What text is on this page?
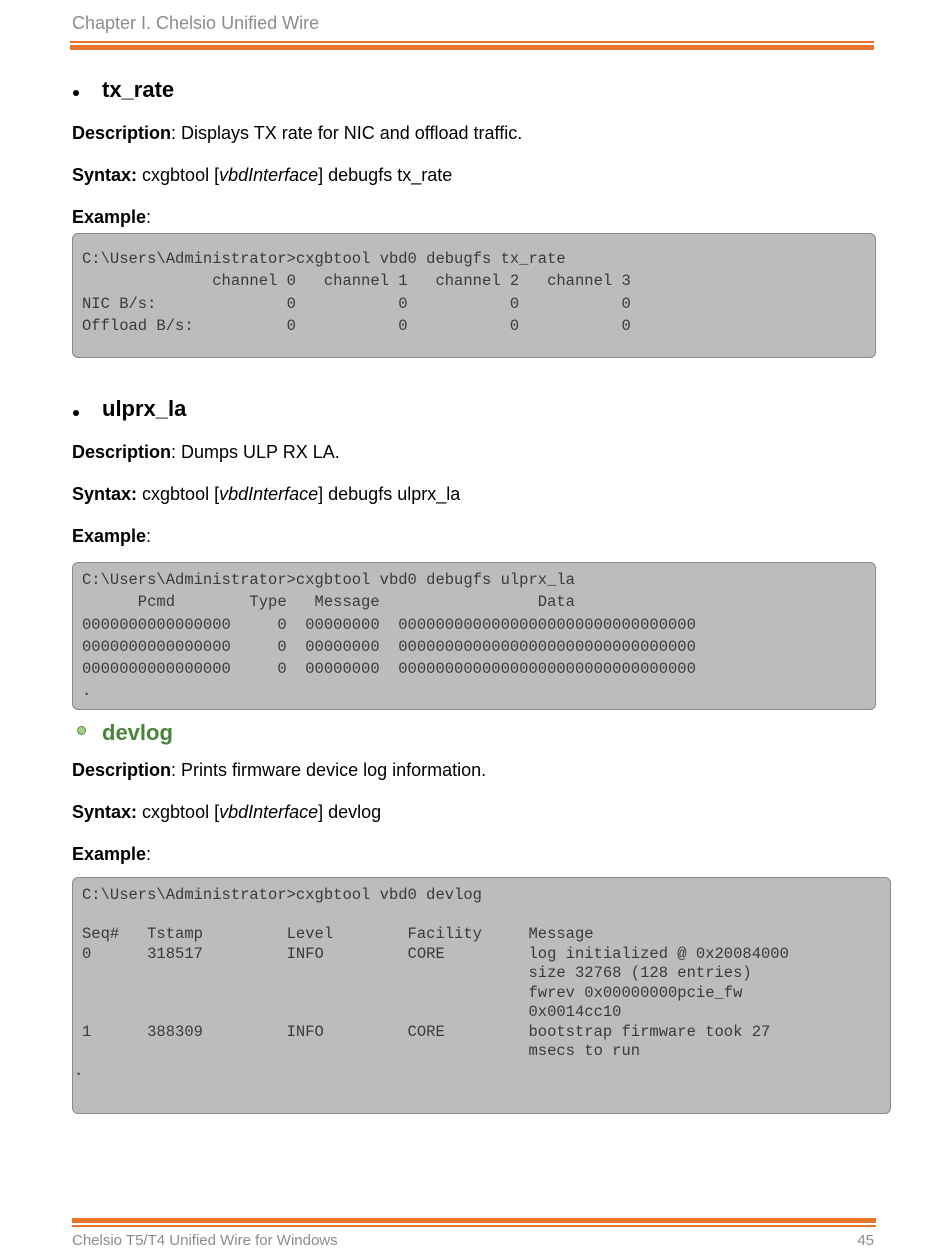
Chapter I. Chelsio Unified Wire
tx_rate
Description: Displays TX rate for NIC and offload traffic.
Syntax: cxgbtool [vbdInterface] debugfs tx_rate
Example:
C:\Users\Administrator>cxgbtool vbd0 debugfs tx_rate
channel 0   channel 1   channel 2   channel 3
NIC B/s:              0           0           0           0
Offload B/s:          0           0           0           0
ulprx_la
Description: Dumps ULP RX LA.
Syntax: cxgbtool [vbdInterface] debugfs ulprx_la
Example:
C:\Users\Administrator>cxgbtool vbd0 debugfs ulprx_la
Pcmd        Type   Message                 Data
0000000000000000     0  00000000  00000000000000000000000000000000
0000000000000000     0  00000000  00000000000000000000000000000000
0000000000000000     0  00000000  00000000000000000000000000000000
.
devlog
Description: Prints firmware device log information.
Syntax: cxgbtool [vbdInterface] devlog
Example:
C:\Users\Administrator>cxgbtool vbd0 devlog
Seq#   Tstamp         Level        Facility     Message
0      318517         INFO         CORE         log initialized @ 0x20084000
size 32768 (128 entries)
fwrev 0x00000000pcie_fw
0x0014cc10
1      388309         INFO         CORE         bootstrap firmware took 27
msecs to run
.
Chelsio T5/T4 Unified Wire for Windows	45
